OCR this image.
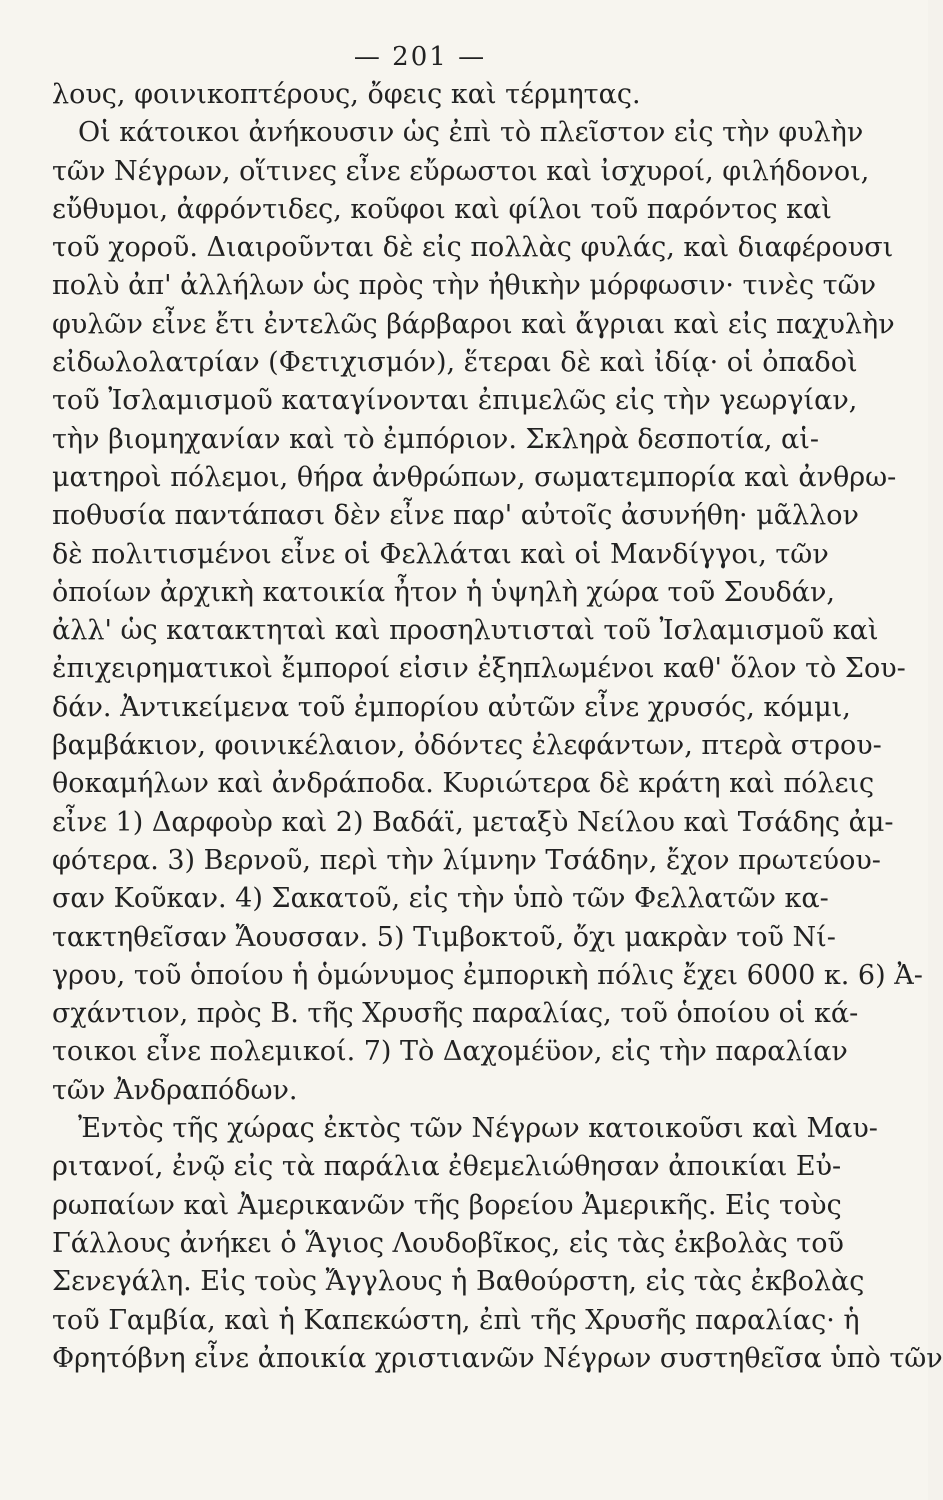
— 201 —
λους, φοινικοπτέρους, ὄφεις καὶ τέρμητας.
Οἱ κάτοικοι ἀνήκουσιν ὡς ἐπὶ τὸ πλεῖστον εἰς τὴν φυλὴν
τῶν Νέγρων, οἵτινες εἶνε εὔρωστοι καὶ ἰσχυροί, φιλήδονοι,
εὔθυμοι, ἀφρόντιδες, κοῦφοι καὶ φίλοι τοῦ παρόντος καὶ
τοῦ χοροῦ. Διαιροῦνται δὲ εἰς πολλὰς φυλάς, καὶ διαφέρουσι
πολὺ ἀπ' ἀλλήλων ὡς πρὸς τὴν ἠθικὴν μόρφωσιν· τινὲς τῶν
φυλῶν εἶνε ἔτι ἐντελῶς βάρβαροι καὶ ἄγριαι καὶ εἰς παχυλὴν
εἰδωλολατρίαν (Φετιχισμόν), ἕτεραι δὲ καὶ ἰδίᾳ· οἱ ὀπαδοὶ
τοῦ Ἰσλαμισμοῦ καταγίνονται ἐπιμελῶς εἰς τὴν γεωργίαν,
τὴν βιομηχανίαν καὶ τὸ ἐμπόριον. Σκληρὰ δεσποτία, αἱ-
ματηροὶ πόλεμοι, θήρα ἀνθρώπων, σωματεμπορία καὶ ἀνθρω-
ποθυσία παντάπασι δὲν εἶνε παρ' αὐτοῖς ἀσυνήθη· μᾶλλον
δὲ πολιτισμένοι εἶνε οἱ Φελλάται καὶ οἱ Μανδίγγοι, τῶν
ὁποίων ἀρχικὴ κατοικία ἦτον ἡ ὑψηλὴ χώρα τοῦ Σουδάν,
ἀλλ' ὡς κατακτηταὶ καὶ προσηλυτισταὶ τοῦ Ἰσλαμισμοῦ καὶ
ἐπιχειρηματικοὶ ἔμποροί εἰσιν ἐξηπλωμένοι καθ' ὅλον τὸ Σου-
δάν. Ἀντικείμενα τοῦ ἐμπορίου αὐτῶν εἶνε χρυσός, κόμμι,
βαμβάκιον, φοινικέλαιον, ὀδόντες ἐλεφάντων, πτερὰ στρου-
θοκαμήλων καὶ ἀνδράποδα. Κυριώτερα δὲ κράτη καὶ πόλεις
εἶνε 1) Δαρφοὺρ καὶ 2) Βαδάϊ, μεταξὺ Νείλου καὶ Τσάδης ἀμ-
φότερα. 3) Βερνοῦ, περὶ τὴν λίμνην Τσάδην, ἔχον πρωτεύου-
σαν Κοῦκαν. 4) Σακατοῦ, εἰς τὴν ὑπὸ τῶν Φελλατῶν κα-
τακτηθεῖσαν Ἄουσσαν. 5) Τιμβοκτοῦ, ὄχι μακρὰν τοῦ Νί-
γρου, τοῦ ὁποίου ἡ ὁμώνυμος ἐμπορικὴ πόλις ἔχει 6000 κ. 6) Ἀ-
σχάντιον, πρὸς Β. τῆς Χρυσῆς παραλίας, τοῦ ὁποίου οἱ κά-
τοικοι εἶνε πολεμικοί. 7) Τὸ Δαχομέϋον, εἰς τὴν παραλίαν
τῶν Ἀνδραπόδων.
Ἐντὸς τῆς χώρας ἐκτὸς τῶν Νέγρων κατοικοῦσι καὶ Μαυ-
ριτανοί, ἐνῷ εἰς τὰ παράλια ἐθεμελιώθησαν ἀποικίαι Εὐ-
ρωπαίων καὶ Ἀμερικανῶν τῆς βορείου Ἀμερικῆς. Εἰς τοὺς
Γάλλους ἀνήκει ὁ Ἅγιος Λουδοβῖκος, εἰς τὰς ἐκβολὰς τοῦ
Σενεγάλη. Εἰς τοὺς Ἄγγλους ἡ Βαθούρστη, εἰς τὰς ἐκβολὰς
τοῦ Γαμβία, καὶ ἡ Καπεκώστη, ἐπὶ τῆς Χρυσῆς παραλίας· ἡ
Φρητόβνη εἶνε ἀποικία χριστιανῶν Νέγρων συστηθεῖσα ὑπὸ τῶν
